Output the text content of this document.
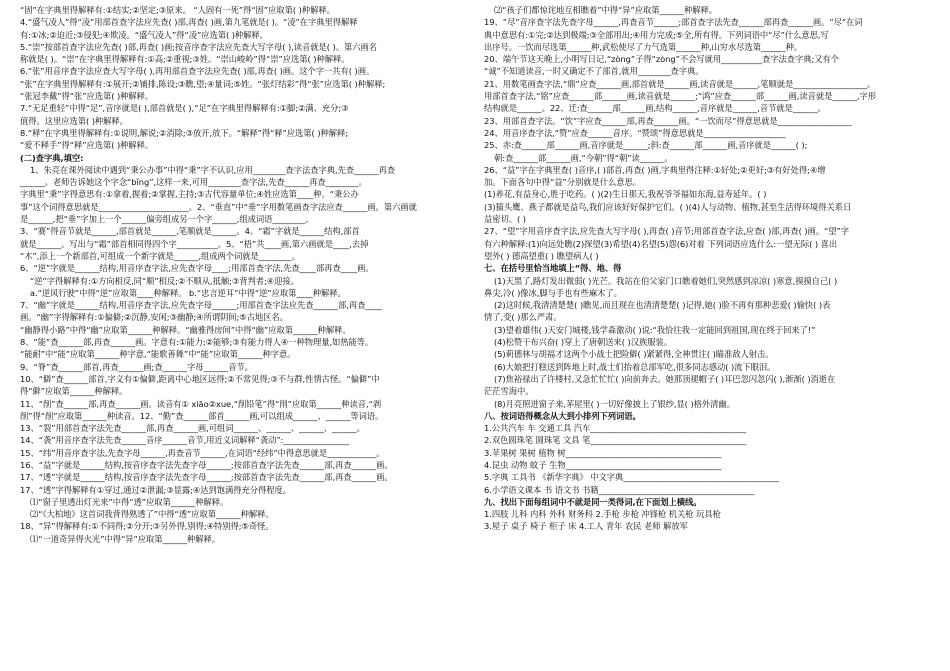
“固”在字典里得解释有:①结实;②坚定;③原来。 “人固有一死”得“固”应取第( )种解释。
4.“盛气凌人”得“凌”用部首查字法应先查( )部,再查( )画,第九笔就是( )。“凌”在字典里得解释
有:①冰;②迫近;③侵犯;④欺凌。“盛气凌人”得“凌”应选第( )种解释。
5.“崇”按部首查字法应先查( )部,再查( )画;按音序查字法应先查大写字母( ),读音就是( )。第六画名
称就是( )。“崇”在字典里得解释有:①高;②重视;③姓。“崇山峻岭”得“崇”应选第( )种解释。
6.“张”用音序查字法应查大写字母( ),再用部首查字法应先查( )部,再查( )画。这个字一共有( )画。
“张”在字典里得解释有:①展开;②铺排,陈设;③瞧,望;④量词;⑤姓。“张灯结彩”得“张”应选第( )种解释;
“张冠李戴”得“张”应选第( )种解释。
7.“无足重轻”中得“足”,音序就是( ),部首就是( ),“足”在字典里得解释有:①脚;②满、充分;③
值得。这里应选第( )种解释。
8.“释”在字典里得解释有:①说明,解说;②消除;③放开,放下。“解释”得“释”应选第( )种解释;
“爱不释手”得“释”应选第( )种解释。
(二)查字典,填空:
1、朱亮在课外阅读中遇到“秉公办事”中得“秉”字不认识,应用________查字法查字典,先查______再查
______。老师告诉她这个字念“bǐng”,这样一来,可用________查字法,先查______再查________。
字典里“秉”字得意思有:①拿着,握着;②掌握,主持;③古代容量单位;④姓应选第____种。“秉公办
事”这个词得意思就是______________________。2、“垂直”中“垂”字用数笔画查字法应查______画。第六画就
是______,把“垂”字加上一个______偏旁组成另一个字______,组成词语________。
3、“赛”得音节就是______,部首就是______,笔顺就是______。4、“霜”字就是______结构,部首
就是______。写出与“霜”部首相同得四个字__________。5、“梧”共____画,第六画就是____,去掉
“木”,添上一个新部首,可组成一个新字就是______,组成两个词就是________。
6、“逆”字就是______结构,用音序查字法,应先查字母____;用部首查字法,先查____部再查____画。
“逆”字得解释有:①方向相反,同“顺”相反;②不顺从,抵触;③背判者;④迎接。
a.“逆风行驶”中得“逆”应取第____种解释。 b.“忠言逆耳”中得“逆”应取第____种解释。
7、“幽”字就是______结构,用音序查字法,应先查字母______;用部首查字法应先查______部,再查____
画。“幽”字得解释有:①偏僻;②沉静,安闲;③幽静;④所谓阴间;⑤古地区名。
“幽静得小路”中得“幽”应取第______种解释。“幽雅得房间”中得“幽”应取第______种解释。
8、“能”查______部,再查______画。字意有:①能力;②能够;③有能力得人④一种物理量,如热能等。
“能耐”中“能”应取第______种字意,“能歌善舞”中“能”应取第______种字意。
9、“脊”查______部首,再查______画;查______字母______音节。
10、“僻”查______部首,字义有①偏僻,距离中心地区远得;②不常见得;③不与群,性情古怪。“偏僻”中
得“僻”应取第______种解释。
11、“削”查______部,再查______画。读音有① xiāo②xue,“削铅笔”得“削”应取第______种读音,“剥
削”得“削”应取第______种读音。12、“勤”查______部首______画,可以组成______、______等词语。
13、“裂”用部首查字法先查______部,再查______画,可组词______、______、______、______。
14、“袭”用音序查字法先查______音序______音节,用近义词解释“袭动”:________________
15、“纬”用音序查字法,先查字母______,再查音节______,在词语“经纬”中得意思就是____________。
16、“益”字就是______结构,按音序查字法先查字母______;按部首查字法先查______部,再查______画。
17、“透”字就是______结构,按音序查字法先查字母______;按部首查字法先查______部,再查______画。
17、“透”字得解释有①穿过,通过②泄漏;③显露;④达到饱满得充分得程度。
⑴“窗子里透出灯光来”中得“透”应取第______种解释。
⑵“《大柏地》这首词我背得熟透了”中得“透”应取第______种解释。
18、“异”得解释有:①不同得;②分开;③另外得,别得;④特别得;⑤奇怪。
⑴“一道奇异得火光”中得“异”应取第______种解释。
⑵“孩子们都惊诧地互相瞧着”中得“异”应取第______种解释。
19、“尽”音序查字法先查字母______,再查音节______;部首查字法先查______部再查______画。“尽”在词
典中意思有:①完;②达到极端;③全部用出;④用力完成;⑤全,所有得。下列词语中“尽”什么意思,写
出序号。一饮而尽选第______种,武松使尽了力气选第______种,山穷水尽选第______种。
20、端午节这天晚上,小明写日记,“zòng”子得“zòng”不会写就用__________查字法查字典;又有个
“诚”不知道读音,一时又确定不了部首,就用________查字典。
21、用数笔画查字法,“鼎”应查______画,部首就是______画,读音就是______,笔顺就是__________________。
用部首查字法,“铭”应查______部______画,读音就是______;“鸿”应查______部______画,读音就是______,字形
结构就是______。22、迁:查______部______画,结构______,音序就是______,音节就是______。
23、用部首查字法。“饮”字应查______部,再查______画。“一饮而尽”得意思就是__________________
24、用音序查字法,“赞”应查______音序。“赞颂”得意思就是____________________
25、赤:查______部______画,音序就是______;斜:查______部______画,音序就是______( );
朝:查______部______画,“今朝”得“朝”读______。
26、“益”字在字典里查( )音序,( )部首,再查( )画,字典里得注释:①好处;②更好;③有好处得;④增
加。下面各句中得“益”分别就是什么意思。
(1)养花,有益身心,胜于吃药。( )(2)生日那天,我祝爷爷福如东海,益寿延年。( )
(3)猫头鹰、燕子都就是益鸟,我们应该好好保护它们。( )(4)人与动物、植物,甚至生活得环境得关系日
益密切。( )
27、“望”字用音序查字法,应先查大写字母( ),再查( )音节;用部首查字法,应查( )部,再查( )画。“望”字
有六种解释:(1)向远处瞧(2)探望(3)希望(4)名望(5)怨(6)对着 下列词语应选什么:一望无际( ) 喜出
望外( ) 德高望重( ) 瞧望病人( )
七、在括号里恰当地填上“得、地、得
(1)天黑了,路灯发出微弱( )光芒。我站在伯父家门口瞧着她们,突然感到凉凉( )寒意,摸摸自己( )
鼻尖,冷( )像冰,脚与手也有些麻木了。
(2)这时候,我清清楚楚( )瞧见,而且现在也清清楚楚( )记得,她( )脸不再有那种悲爱( )愉快( )表
情了,变( )那么严肃。
(3)望着雄伟( )天安门城楼,钱学森激动( )说:“我恰往我一定能回到祖国,现在终于回来了!”
(4)松赞干布兴奋( )穿上了唐朝送来( )汉族服装。
(5)莉德林与胡福才这两个小战士把险僻( )紧紧得,全神贯注( )瞄准敌人射击。
(6)大娘把打糕送到阵地上时,战士们抬着总部军吃,很多同志感动( )流下眼泪。
(7)焦裕禄出了许楼村,又急忙忙忙( )向前奔去。她那顶褪帽子( )耳巴忽闪忽闪( ),渐渐( )消逝在
茫茫雪海中。
(8)月亮照进窗子来,茅屋里( )一切好像披上了银纱,显( )格外清幽。
八、按词语得概念从大到小排列下列词语。
1.公共汽车 车 交通工具 汽车______________________________________
2.双色圆珠笔 圆珠笔 文具 笔______________________________________
3.苹果树 果树 植物 树______________________________________
4.昆虫 动物 蚊子 生物______________________________________
5.字典 工具书 《新华字典》 中文字典______________________________________
6.小学语文课本 书 语文书 书籍______________________________________
九、找出下面每组词中不就是同一类得词,在下面划上横线。
1.四肢 儿科 内科 外科 财务科 2.手枪 步枪 冲锋枪 机关枪 玩具枪
3.屋子 桌子 椅子 柜子 床 4.工人 青年 农民 老师 解放军
